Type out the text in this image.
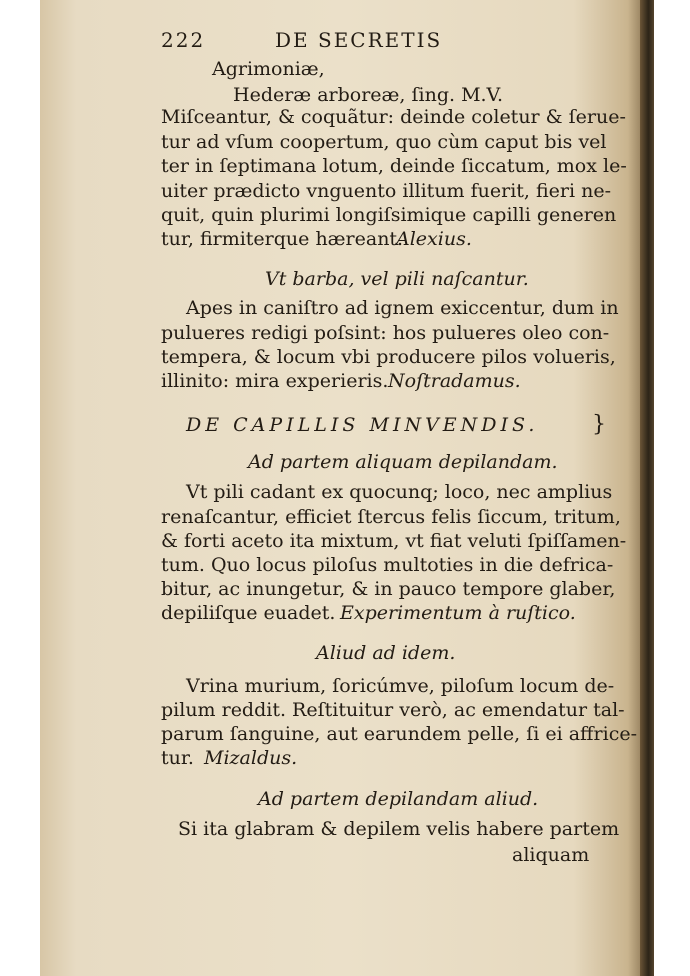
222	DE SECRETIS
Agrimoniæ,
Hederæ arboreæ, ſing. M.V.
Miſceantur, & coquãtur: deinde coletur & ſerue-
tur ad vſum coopertum, quo cùm caput bis vel
ter in ſeptimana lotum, deinde ſiccatum, mox le-
uiter prædicto vnguento illitum fuerit, fieri ne-
quit, quin plurimi longiſsimique capilli generen
tur, firmiterque hæreant.
Alexius.
Vt barba, vel pili naſcantur.
Apes in caniſtro ad ignem exiccentur, dum in
pulueres redigi poſsint: hos pulueres oleo con-
tempera, & locum vbi producere pilos volueris,
illinito: mira experieris. Noſtradamus.
DE CAPILLIS MINVENDIS. }
Ad partem aliquam depilandam.
Vt pili cadant ex quocunq; loco, nec amplius
renaſcantur, efficiet ſtercus felis ſiccum, tritum,
& forti aceto ita mixtum, vt fiat veluti ſpiſſamen-
tum. Quo locus piloſus multoties in die defrica-
bitur, ac inungetur, & in pauco tempore glaber,
depiliſque euadet. Experimentum à ruſtico.
Aliud ad idem.
Vrina murium, ſoricúmve, piloſum locum de-
pilum reddit. Reſtituitur verò, ac emendatur tal-
parum ſanguine, aut earundem pelle, ſi ei affricе-
tur. Mizaldus.
Ad partem depilandam aliud.
Si ita glabram & depilem velis habere partem
aliquam
